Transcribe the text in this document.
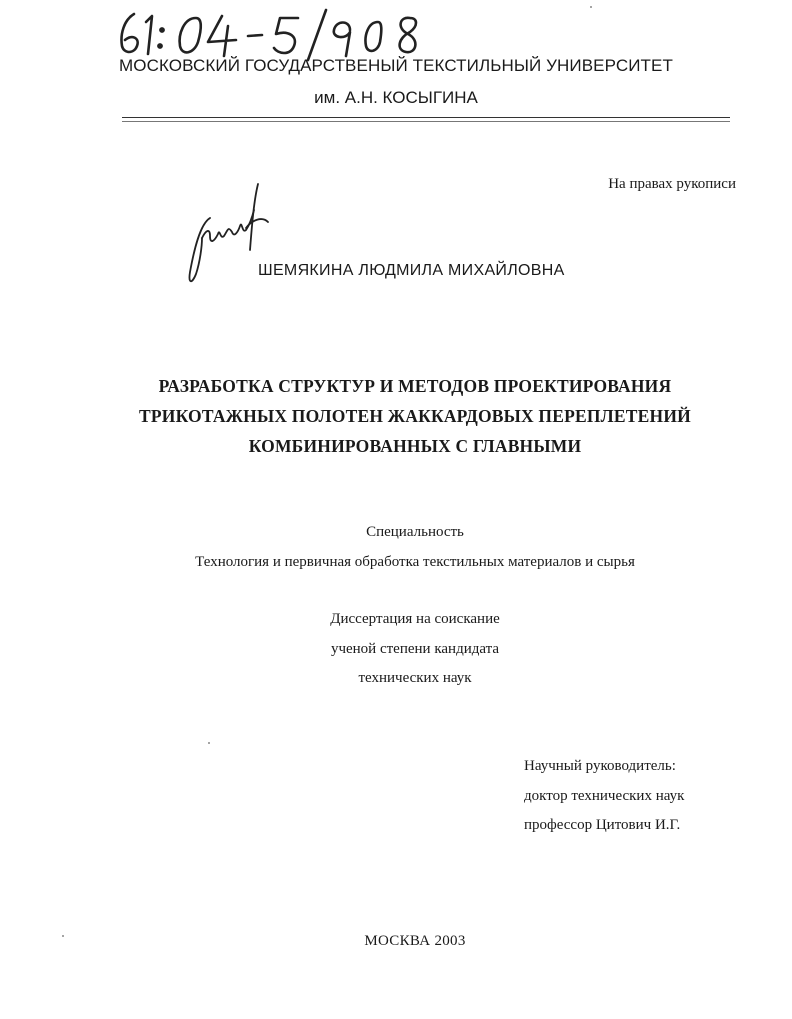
МОСКОВСКИЙ ГОСУДАРСТВЕНЫЙ ТЕКСТИЛЬНЫЙ УНИВЕРСИТЕТ
им. А.Н. КОСЫГИНА
На правах рукописи
ШЕМЯКИНА ЛЮДМИЛА МИХАЙЛОВНА
РАЗРАБОТКА СТРУКТУР И МЕТОДОВ ПРОЕКТИРОВАНИЯ
ТРИКОТАЖНЫХ ПОЛОТЕН ЖАККАРДОВЫХ ПЕРЕПЛЕТЕНИЙ
КОМБИНИРОВАННЫХ С ГЛАВНЫМИ
Специальность
Технология и первичная обработка текстильных материалов и сырья
Диссертация на соискание
ученой степени кандидата
технических наук
Научный руководитель:
доктор технических наук
профессор Цитович И.Г.
МОСКВА 2003
